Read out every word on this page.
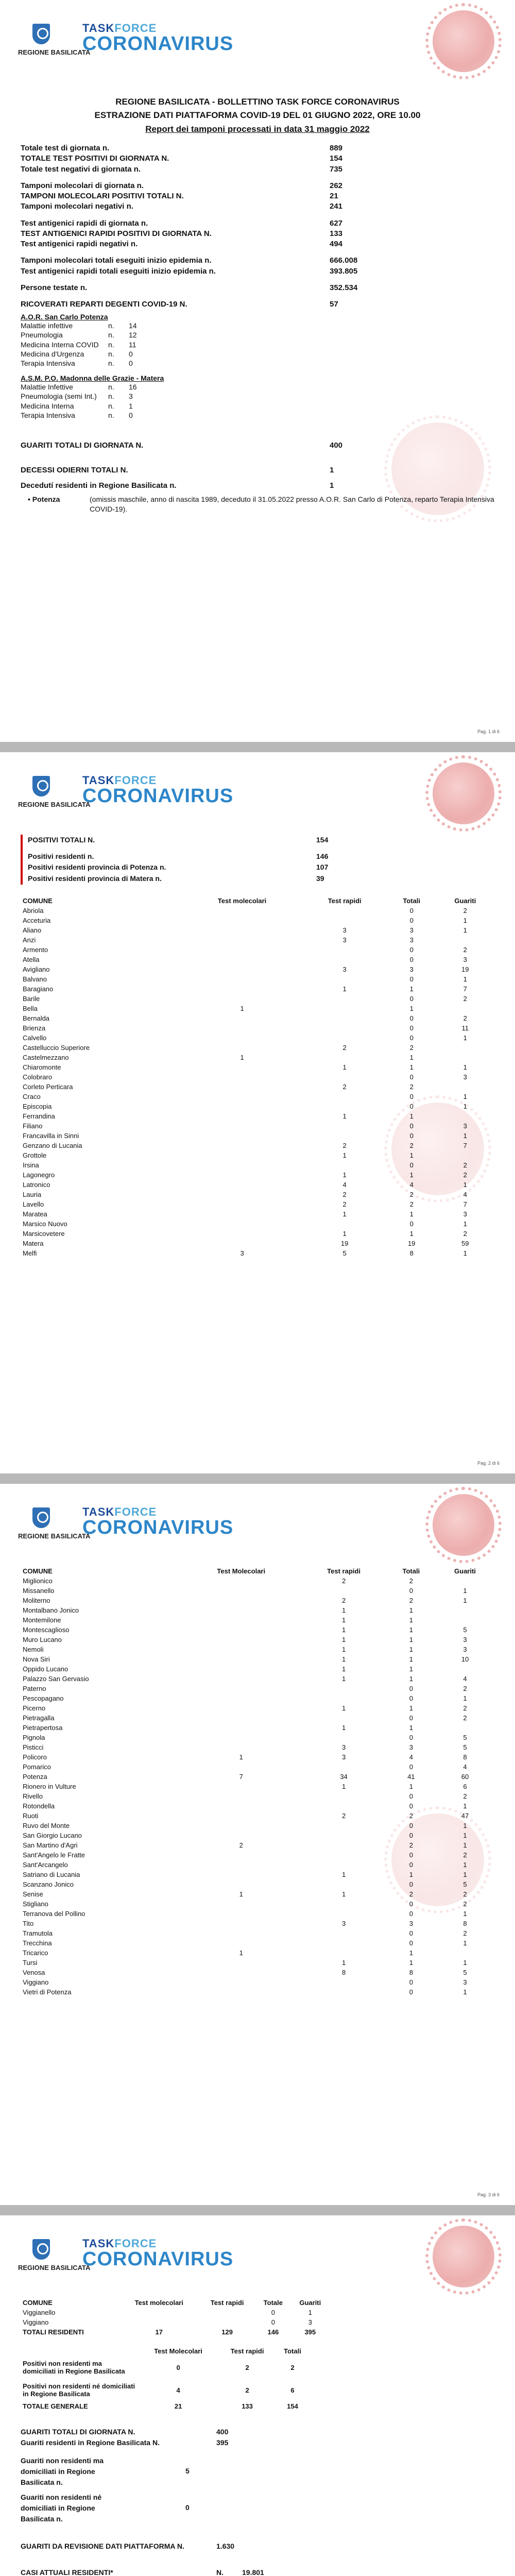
REGIONE BASILICATA
TASKFORCE
CORONAVIRUS
REGIONE BASILICATA - BOLLETTINO TASK FORCE CORONAVIRUS
ESTRAZIONE DATI PIATTAFORMA COVID-19 DEL 01 GIUGNO 2022, ORE 10.00
Report dei tamponi processati in data 31 maggio 2022
Totale test di giornata n.	889
TOTALE TEST POSITIVI DI GIORNATA N.	154
Totale test negativi di giornata n.	735
Tamponi molecolari di giornata n.	262
TAMPONI MOLECOLARI POSITIVI TOTALI N.	21
Tamponi molecolari negativi n.	241
Test antigenici rapidi di giornata n.	627
TEST ANTIGENICI RAPIDI POSITIVI DI GIORNATA N.	133
Test antigenici rapidi negativi n.	494
Tamponi molecolari totali eseguiti inizio epidemia n.	666.008
Test antigenici rapidi totali eseguiti inizio epidemia n.	393.805
Persone testate n.	352.534
RICOVERATI REPARTI DEGENTI COVID-19 N.	57
A.O.R. San Carlo Potenza
Malattie infettive	n.	14
Pneumologia	n.	12
Medicina Interna COVID	n.	11
Medicina d'Urgenza	n.	0
Terapia Intensiva	n.	0
A.S.M. P.O. Madonna delle Grazie - Matera
Malattie Infettive	n.	16
Pneumologia (semi Int.)	n.	3
Medicina Interna	n.	1
Terapia Intensiva	n.	0
GUARITI TOTALI DI GIORNATA N.	400
DECESSI ODIERNI TOTALI N.	1
Decedutí residenti in Regione Basilicata n.	1
• Potenza	(omissis maschile, anno di nascita 1989, deceduto il 31.05.2022 presso A.O.R. San Carlo di Potenza, reparto Terapia Intensiva COVID-19).
Pag. 1 di 6
REGIONE BASILICATA
TASKFORCE
CORONAVIRUS
POSITIVI TOTALI N.	154
Positivi residenti n.	146
Positivi residenti provincia di Potenza n.	107
Positivi residenti provincia di Matera n.	39
COMUNE	Test molecolari	Test rapidi	Totali	Guariti
Abriola			0	2
Acceturia			0	1
Aliano		3	3	1
Anzi		3	3	
Armento			0	2
Atella			0	3
Avigliano		3	3	19
Balvano			0	1
Baragiano		1	1	7
Barile			0	2
Bella	1		1	
Bernalda			0	2
Brienza			0	11
Calvello			0	1
Castelluccio Superiore		2	2	
Castelmezzano	1		1	
Chiaromonte		1	1	1
Colobraro			0	3
Corleto Perticara		2	2	
Craco			0	1
Episcopia			0	1
Ferrandina		1	1	
Filiano			0	3
Francavilla in Sinni			0	1
Genzano di Lucania		2	2	7
Grottole		1	1	
Irsina			0	2
Lagonegro		1	1	2
Latronico		4	4	1
Lauria		2	2	4
Lavello		2	2	7
Maratea		1	1	3
Marsico Nuovo			0	1
Marsicovetere		1	1	2
Matera		19	19	59
Melfi	3	5	8	1
Pag. 2 di 6
REGIONE BASILICATA
TASKFORCE
CORONAVIRUS
COMUNE	Test Molecolari	Test rapidi	Totali	Guariti
Miglionico		2	2	
Missanello			0	1
Moliterno		2	2	1
Montalbano Jonico		1	1	
Montemilone		1	1	
Montescaglioso		1	1	5
Muro Lucano		1	1	3
Nemoli		1	1	3
Nova Siri		1	1	10
Oppido Lucano		1	1	
Palazzo San Gervasio		1	1	4
Paterno			0	2
Pescopagano			0	1
Picerno		1	1	2
Pietragalla			0	2
Pietrapertosa		1	1	
Pignola			0	5
Pisticci		3	3	5
Policoro	1	3	4	8
Pomarico			0	4
Potenza	7	34	41	60
Rionero in Vulture		1	1	6
Rivello			0	2
Rotondella			0	1
Ruoti		2	2	47
Ruvo del Monte			0	1
San Giorgio Lucano			0	1
San Martino d'Agri	2		2	1
Sant'Angelo le Fratte			0	2
Sant'Arcangelo			0	1
Satriano di Lucania		1	1	1
Scanzano Jonico			0	5
Senise	1	1	2	2
Stigliano			0	2
Terranova del Pollino			0	1
Tito		3	3	8
Tramutola			0	2
Trecchina			0	1
Tricarico	1		1	
Tursi		1	1	1
Venosa		8	8	5
Viggiano			0	3
Vietri di Potenza			0	1
Pag. 3 di 6
REGIONE BASILICATA
TASKFORCE
CORONAVIRUS
COMUNE	Test molecolari	Test rapidi	Totale	Guariti
Viggianello			0	1
Viggiano			0	3
TOTALI RESIDENTI	17	129	146	395
	Test Molecolari	Test rapidi	Totali
Positivi non residenti ma domiciliati in Regione Basilicata	0	2	2
Positivi non residenti né domiciliati in Regione Basilicata	4	2	6
TOTALE GENERALE	21	133	154
GUARITI TOTALI DI GIORNATA N.	400
Guariti residenti in Regione Basilicata N.	395
Guariti non residenti ma domiciliati in Regione Basilicata n.
5
Guariti non residenti né domiciliati in Regione Basilicata n.
0
GUARITI DA REVISIONE DATI PIATTAFORMA N.	1.630
CASI ATTUALI RESIDENTI*	N.	19.801
